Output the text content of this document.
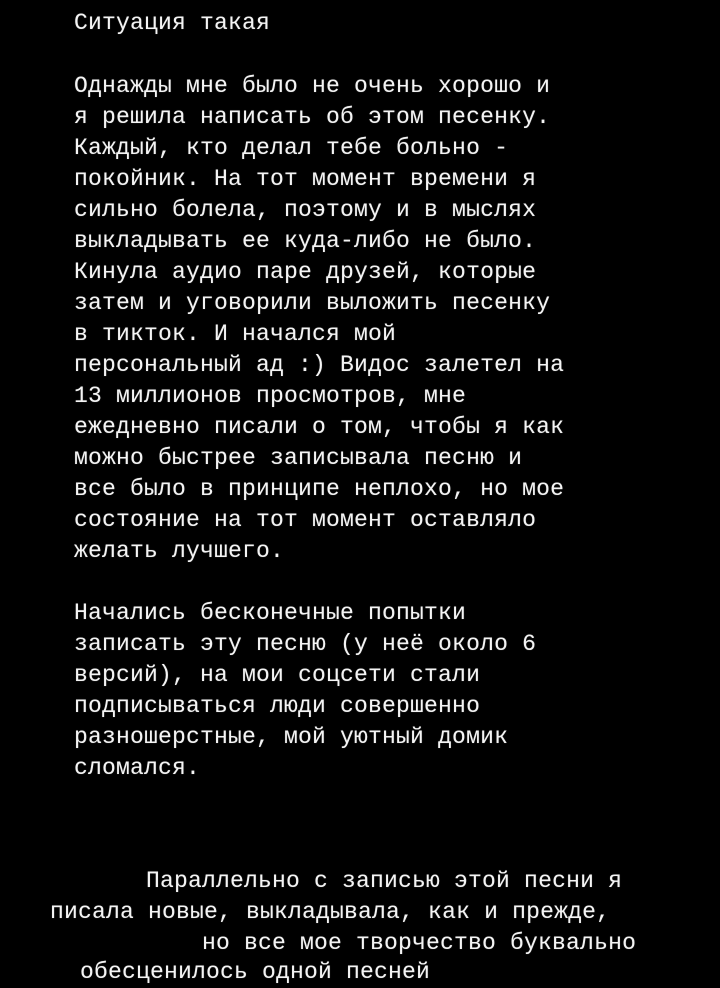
Ситуация такая
Однажды мне было не очень хорошо и
я решила написать об этом песенку.
Каждый, кто делал тебе больно -
покойник. На тот момент времени я
сильно болела, поэтому и в мыслях
выкладывать ее куда-либо не было.
Кинула аудио паре друзей, которые
затем и уговорили выложить песенку
в тикток. И начался мой
персональный ад :) Видос залетел на
13 миллионов просмотров, мне
ежедневно писали о том, чтобы я как
можно быстрее записывала песню и
все было в принципе неплохо, но мое
состояние на тот момент оставляло
желать лучшего.
Начались бесконечные попытки
записать эту песню (у неё около 6
версий), на мои соцсети стали
подписываться люди совершенно
разношерстные, мой уютный домик
сломался.
Параллельно с записью этой песни я
писала новые, выкладывала, как и прежде,
но все мое творчество буквально
обесценилось одной песней
